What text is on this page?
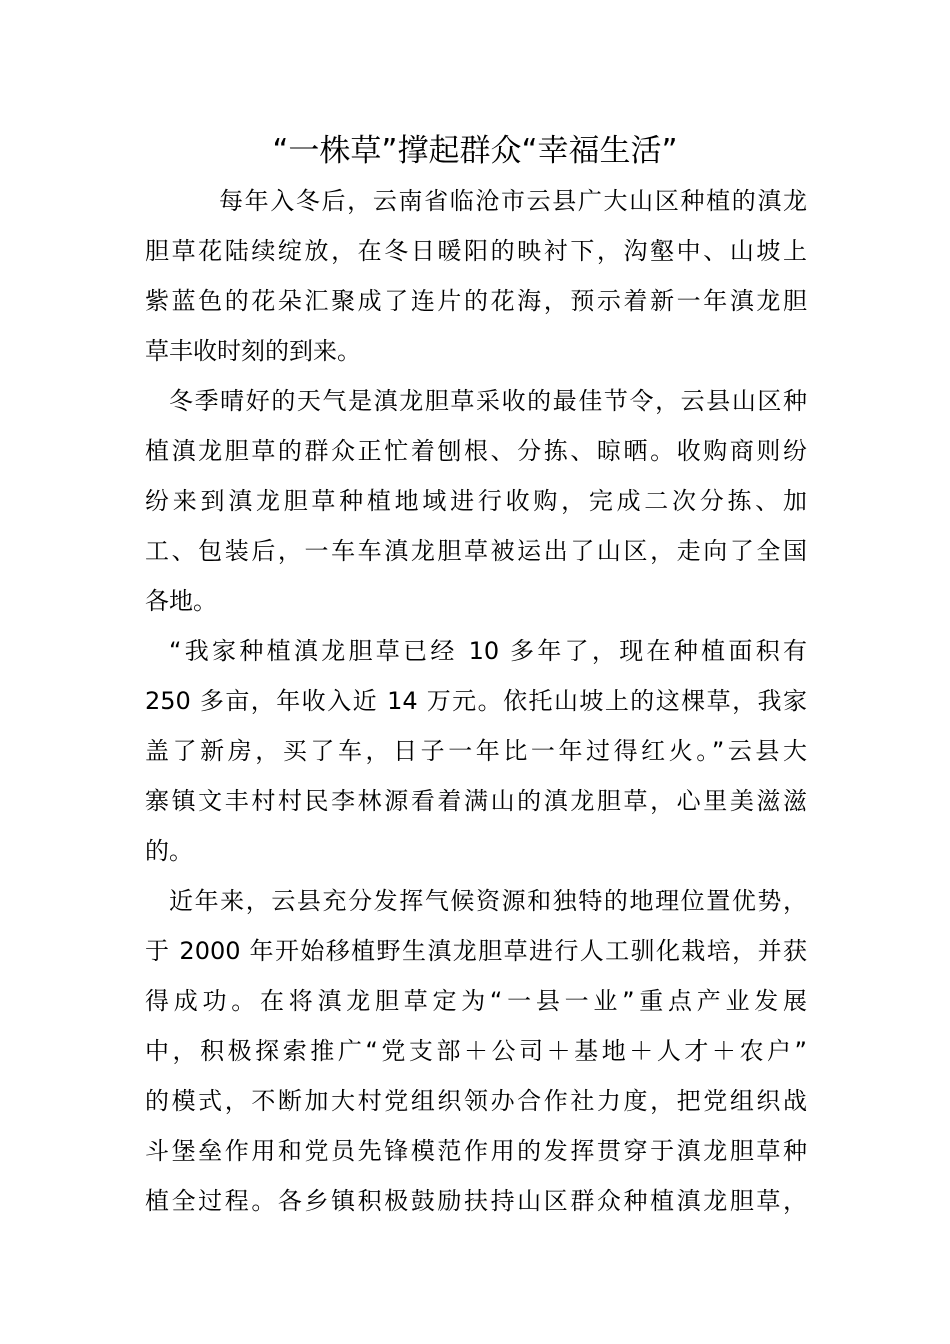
“一株草”撑起群众“幸福生活”
每年入冬后，云南省临沧市云县广大山区种植的滇龙
胆草花陆续绽放，在冬日暖阳的映衬下，沟壑中、山坡上
紫蓝色的花朵汇聚成了连片的花海，预示着新一年滇龙胆
草丰收时刻的到来。
冬季晴好的天气是滇龙胆草采收的最佳节令，云县山区种
植滇龙胆草的群众正忙着刨根、分拣、晾晒。收购商则纷
纷来到滇龙胆草种植地域进行收购，完成二次分拣、加
工、包装后，一车车滇龙胆草被运出了山区，走向了全国
各地。
“我家种植滇龙胆草已经 10 多年了，现在种植面积有
250 多亩，年收入近 14 万元。依托山坡上的这棵草，我家
盖了新房，买了车，日子一年比一年过得红火。”云县大
寨镇文丰村村民李林源看着满山的滇龙胆草，心里美滋滋
的。
近年来，云县充分发挥气候资源和独特的地理位置优势，
于 2000 年开始移植野生滇龙胆草进行人工驯化栽培，并获
得成功。在将滇龙胆草定为“一县一业”重点产业发展
中，积极探索推广“党支部＋公司＋基地＋人才＋农户”
的模式，不断加大村党组织领办合作社力度，把党组织战
斗堡垒作用和党员先锋模范作用的发挥贯穿于滇龙胆草种
植全过程。各乡镇积极鼓励扶持山区群众种植滇龙胆草，
